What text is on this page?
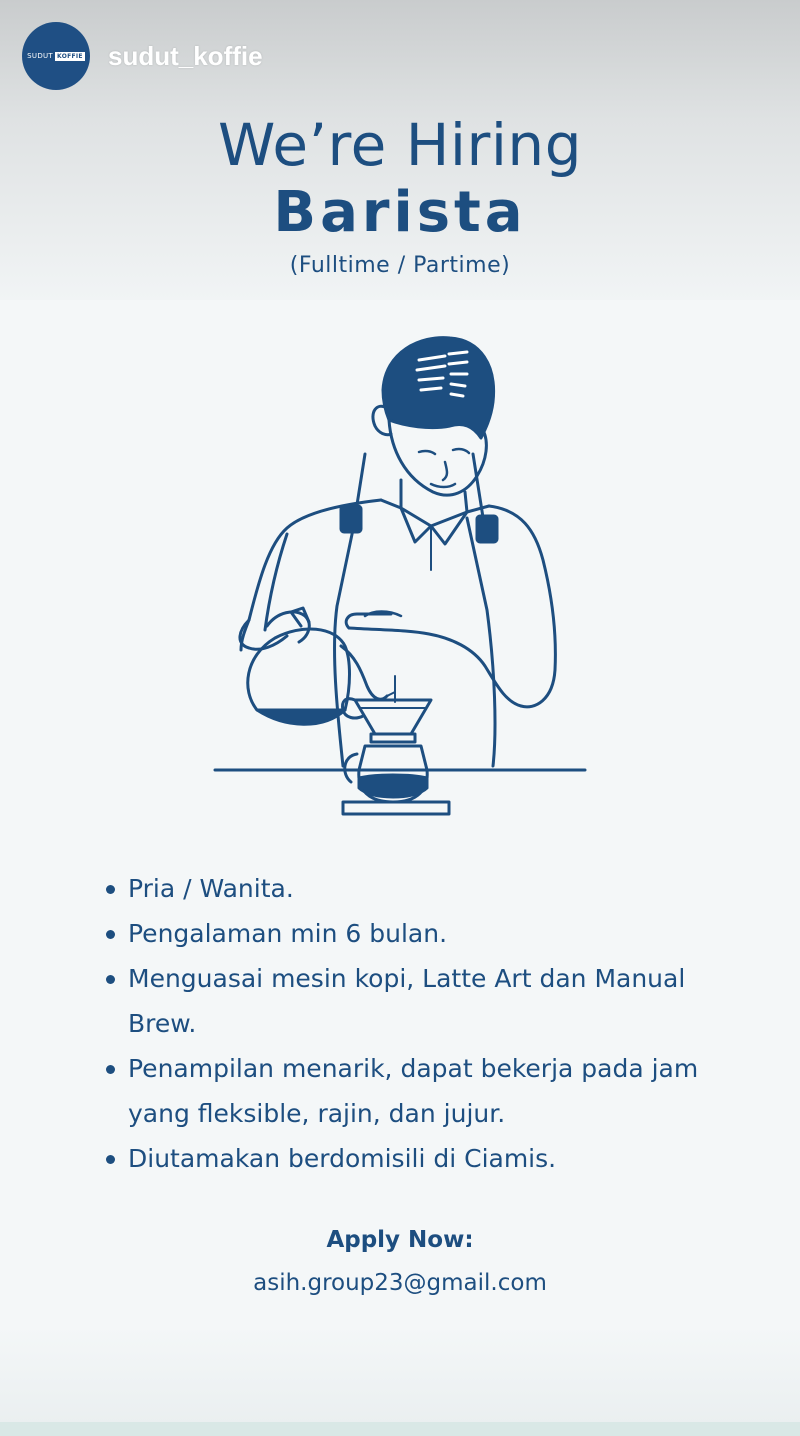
SUDUT KOFFIE sudut_koffie
We’re Hiring
Barista
(Fulltime / Partime)
Pria / Wanita.
Pengalaman min 6 bulan.
Menguasai mesin kopi, Latte Art dan Manual Brew.
Penampilan menarik, dapat bekerja pada jam yang fleksible, rajin, dan jujur.
Diutamakan berdomisili di Ciamis.
Apply Now:
asih.group23@gmail.com
